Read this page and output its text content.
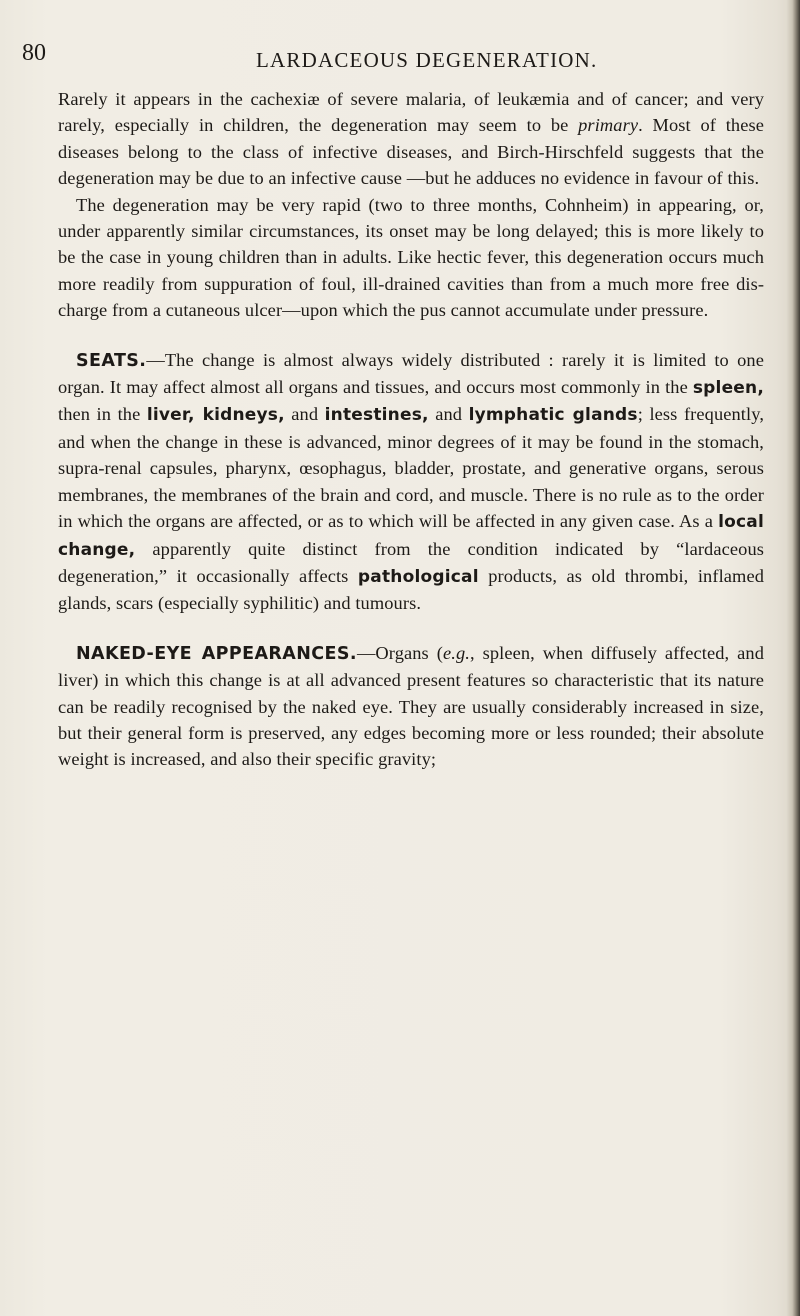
80	LARDACEOUS DEGENERATION.

Rarely it appears in the cachexiæ of severe malaria, of leukæmia and of cancer; and very rarely, especially in children, the degeneration may seem to be primary. Most of these diseases belong to the class of infective diseases, and Birch-Hirschfeld suggests that the degeneration may be due to an infective cause —but he adduces no evidence in favour of this.

The degeneration may be very rapid (two to three months, Cohnheim) in appearing, or, under apparently similar circumstances, its onset may be long delayed; this is more likely to be the case in young children than in adults. Like hectic fever, this degeneration occurs much more readily from suppuration of foul, ill-drained cavities than from a much more free discharge from a cutaneous ulcer—upon which the pus cannot accumulate under pressure.

SEATS.—The change is almost always widely distributed : rarely it is limited to one organ. It may affect almost all organs and tissues, and occurs most commonly in the spleen, then in the liver, kidneys, and intestines, and lymphatic glands; less frequently, and when the change in these is advanced, minor degrees of it may be found in the stomach, supra-renal capsules, pharynx, œsophagus, bladder, prostate, and generative organs, serous membranes, the membranes of the brain and cord, and muscle. There is no rule as to the order in which the organs are affected, or as to which will be affected in any given case. As a local change, apparently quite distinct from the condition indicated by “lardaceous degeneration,” it occasionally affects pathological products, as old thrombi, inflamed glands, scars (especially syphilitic) and tumours.

NAKED-EYE APPEARANCES.—Organs (e.g., spleen, when diffusely affected, and liver) in which this change is at all advanced present features so characteristic that its nature can be readily recognised by the naked eye. They are usually considerably increased in size, but their general form is preserved, any edges becoming more or less rounded; their absolute weight is increased, and also their specific gravity;
